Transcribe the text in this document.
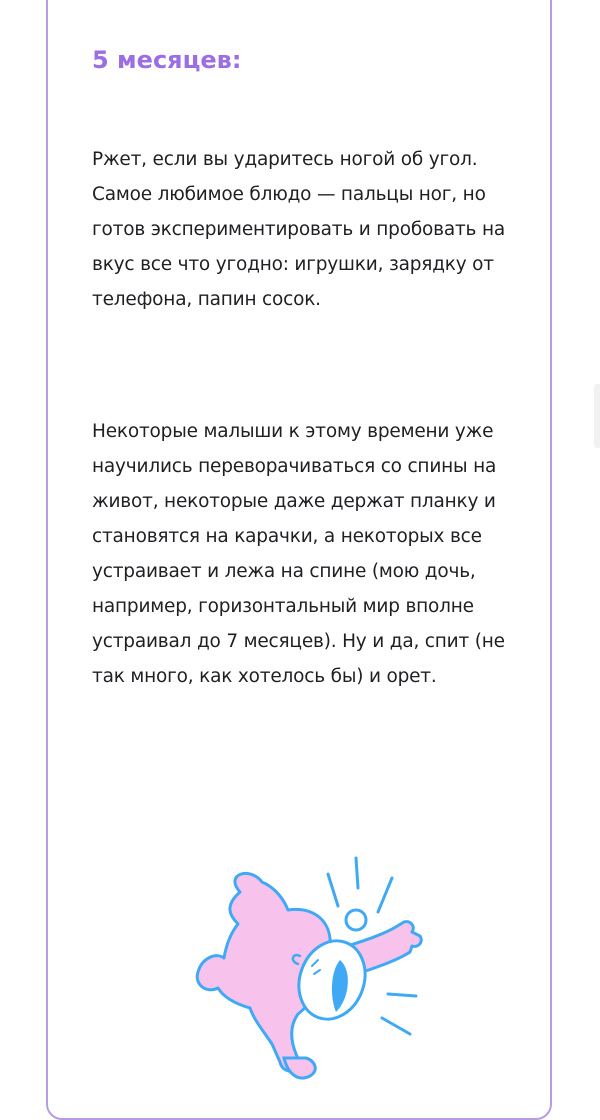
5 месяцев:

Ржет, если вы ударитесь ногой об угол. Самое любимое блюдо — пальцы ног, но готов экспериментировать и пробовать на вкус все что угодно: игрушки, зарядку от телефона, папин сосок.

Некоторые малыши к этому времени уже научились переворачиваться со спины на живот, некоторые даже держат планку и становятся на карачки, а некоторых все устраивает и лежа на спине (мою дочь, например, горизонтальный мир вполне устраивал до 7 месяцев). Ну и да, спит (не так много, как хотелось бы) и орет.
